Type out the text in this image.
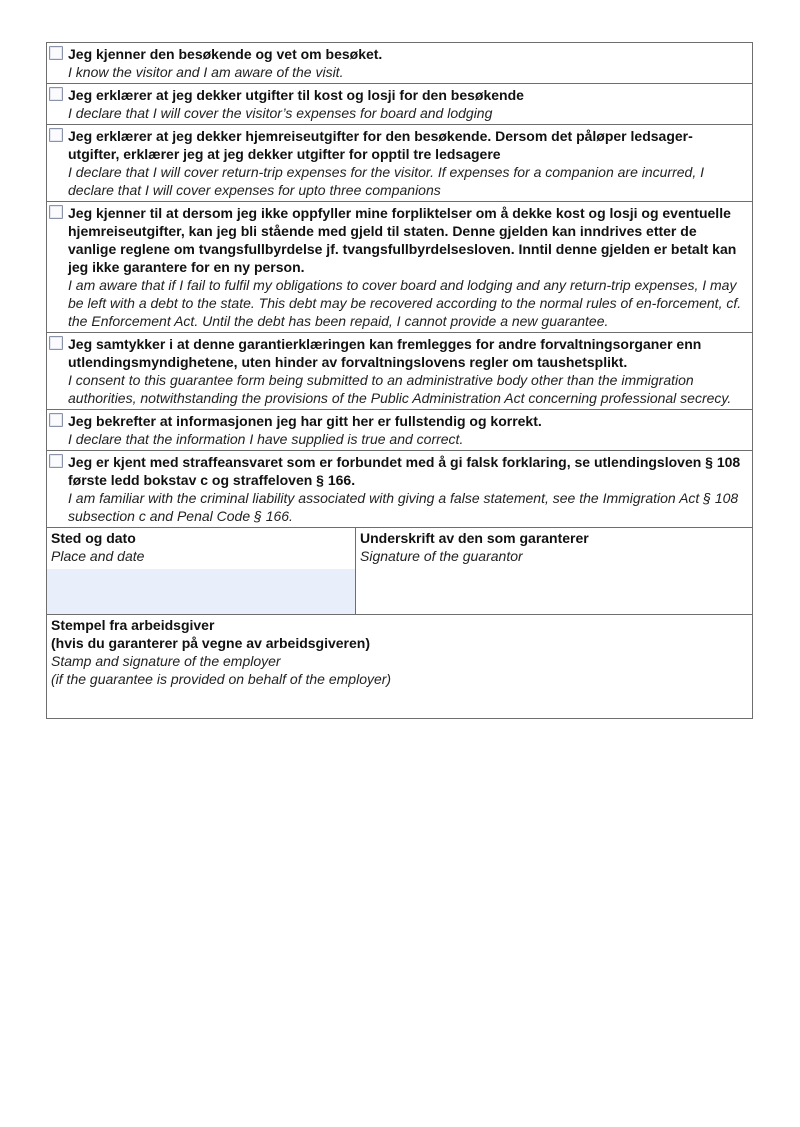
Jeg kjenner den besøkende og vet om besøket.
I know the visitor and I am aware of the visit.
Jeg erklærer at jeg dekker utgifter til kost og losji for den besøkende
I declare that I will cover the visitor’s expenses for board and lodging
Jeg erklærer at jeg dekker hjemreiseutgifter for den besøkende. Dersom det påløper ledsager-utgifter, erklærer jeg at jeg dekker utgifter for opptil tre ledsagere
I declare that I will cover return-trip expenses for the visitor. If expenses for a companion are incurred, I declare that I will cover expenses for upto three companions
Jeg kjenner til at dersom jeg ikke oppfyller mine forpliktelser om å dekke kost og losji og eventuelle hjemreiseutgifter, kan jeg bli stående med gjeld til staten. Denne gjelden kan inndrives etter de vanlige reglene om tvangsfullbyrdelse jf. tvangsfullbyrdelsesloven. Inntil denne gjelden er betalt kan jeg ikke garantere for en ny person.
I am aware that if I fail to fulfil my obligations to cover board and lodging and any return-trip expenses, I may be left with a debt to the state. This debt may be recovered according to the normal rules of en-forcement, cf. the Enforcement Act. Until the debt has been repaid, I cannot provide a new guarantee.
Jeg samtykker i at denne garantierklæringen kan fremlegges for andre forvaltningsorganer enn utlendingsmyndighetene, uten hinder av forvaltningslovens regler om taushetsplikt.
I consent to this guarantee form being submitted to an administrative body other than the immigration authorities, notwithstanding the provisions of the Public Administration Act concerning professional secrecy.
Jeg bekrefter at informasjonen jeg har gitt her er fullstendig og korrekt.
I declare that the information I have supplied is true and correct.
Jeg er kjent med straffeansvaret som er forbundet med å gi falsk forklaring, se utlendingsloven § 108 første ledd bokstav c og straffeloven § 166.
I am familiar with the criminal liability associated with giving a false statement, see the Immigration Act § 108 subsection c and Penal Code § 166.
Sted og dato
Place and date
Underskrift av den som garanterer
Signature of the guarantor
Stempel fra arbeidsgiver
(hvis du garanterer på vegne av arbeidsgiveren)
Stamp and signature of the employer
(if the guarantee is provided on behalf of the employer)
